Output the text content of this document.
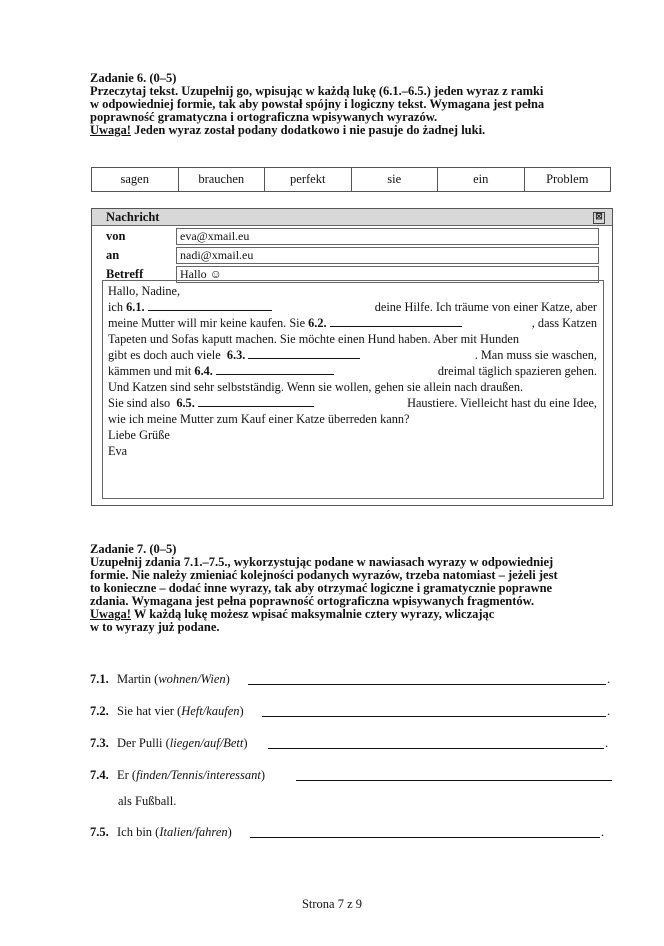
Zadanie 6. (0–5)
Przeczytaj tekst. Uzupełnij go, wpisując w każdą lukę (6.1.–6.5.) jeden wyraz z ramki
w odpowiedniej formie, tak aby powstał spójny i logiczny tekst. Wymagana jest pełna
poprawność gramatyczna i ortograficzna wpisywanych wyrazów.
Uwaga! Jeden wyraz został podany dodatkowo i nie pasuje do żadnej luki.
sagen	brauchen	perfekt	sie	ein	Problem
Nachricht	⊠
von	eva@xmail.eu
an	nadi@xmail.eu
Betreff	Hallo ☺
Hallo, Nadine,
ich 6.1.	deine Hilfe. Ich träume von einer Katze, aber
meine Mutter will mir keine kaufen. Sie 6.2.	, dass Katzen
Tapeten und Sofas kaputt machen. Sie möchte einen Hund haben. Aber mit Hunden
gibt es doch auch viele 6.3.	. Man muss sie waschen,
kämmen und mit 6.4.	dreimal täglich spazieren gehen.
Und Katzen sind sehr selbstständig. Wenn sie wollen, gehen sie allein nach draußen.
Sie sind also 6.5.	Haustiere. Vielleicht hast du eine Idee,
wie ich meine Mutter zum Kauf einer Katze überreden kann?
Liebe Grüße
Eva
Zadanie 7. (0–5)
Uzupełnij zdania 7.1.–7.5., wykorzystując podane w nawiasach wyrazy w odpowiedniej
formie. Nie należy zmieniać kolejności podanych wyrazów, trzeba natomiast – jeżeli jest
to konieczne – dodać inne wyrazy, tak aby otrzymać logiczne i gramatycznie poprawne
zdania. Wymagana jest pełna poprawność ortograficzna wpisywanych fragmentów.
Uwaga! W każdą lukę możesz wpisać maksymalnie cztery wyrazy, wliczając
w to wyrazy już podane.
7.1. Martin (wohnen/Wien)	.
7.2. Sie hat vier (Heft/kaufen)	.
7.3. Der Pulli (liegen/auf/Bett)	.
7.4. Er (finden/Tennis/interessant)
als Fußball.
7.5. Ich bin (Italien/fahren)	.
Strona 7 z 9
